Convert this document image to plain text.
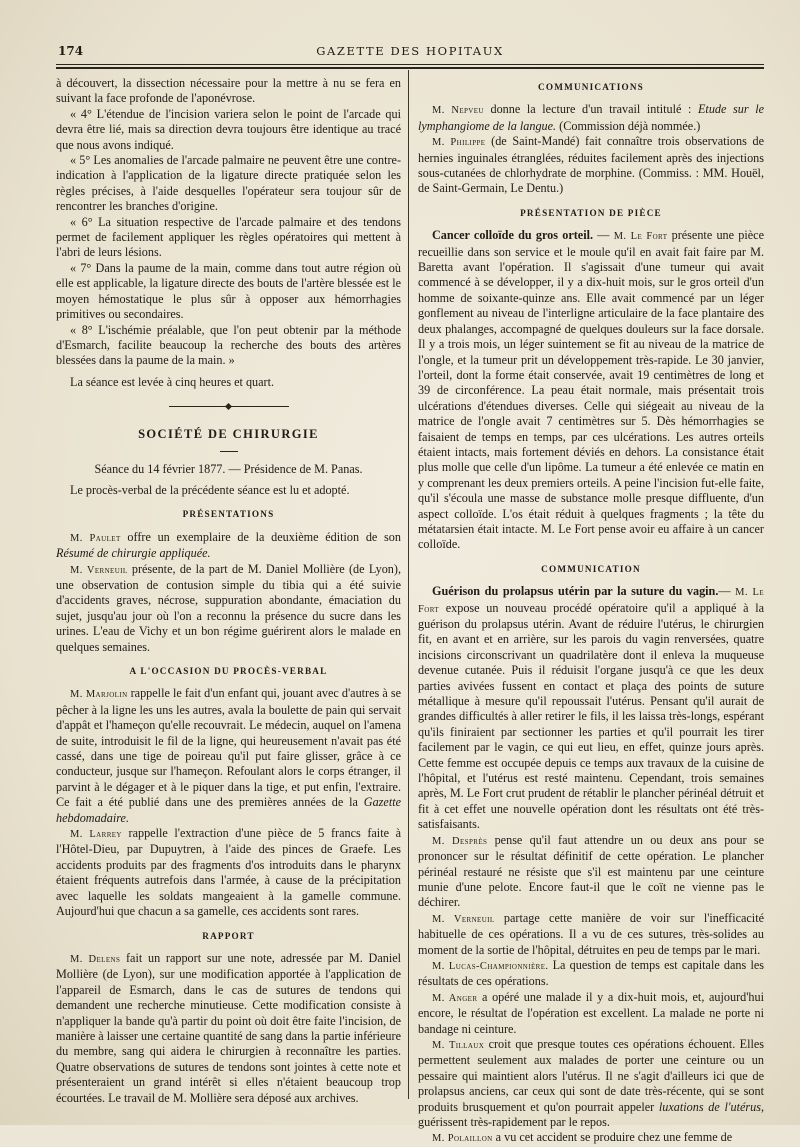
174	GAZETTE DES HOPITAUX

à découvert, la dissection nécessaire pour la mettre à nu se fera en suivant la face profonde de l'aponévrose.

« 4° L'étendue de l'incision variera selon le point de l'arcade qui devra être lié, mais sa direction devra toujours être identique au tracé que nous avons indiqué.

« 5° Les anomalies de l'arcade palmaire ne peuvent être une contre-indication à l'application de la ligature directe pratiquée selon les règles précises, à l'aide desquelles l'opérateur sera toujour sûr de rencontrer les branches d'origine.

« 6° La situation respective de l'arcade palmaire et des tendons permet de facilement appliquer les règles opératoires qui mettent à l'abri de leurs lésions.

« 7° Dans la paume de la main, comme dans tout autre région où elle est applicable, la ligature directe des bouts de l'artère blessée est le moyen hémostatique le plus sûr à opposer aux hémorrhagies primitives ou secondaires.

« 8° L'ischémie préalable, que l'on peut obtenir par la méthode d'Esmarch, facilite beaucoup la recherche des bouts des artères blessées dans la paume de la main. »

La séance est levée à cinq heures et quart.

SOCIÉTÉ DE CHIRURGIE

Séance du 14 février 1877. — Présidence de M. Panas.

Le procès-verbal de la précédente séance est lu et adopté.

PRÉSENTATIONS

M. Paulet offre un exemplaire de la deuxième édition de son Résumé de chirurgie appliquée.

M. Verneuil présente, de la part de M. Daniel Mollière (de Lyon), une observation de contusion simple du tibia qui a été suivie d'accidents graves, nécrose, suppuration abondante, émaciation du sujet, jusqu'au jour où l'on a reconnu la présence du sucre dans les urines. L'eau de Vichy et un bon régime guérirent alors le malade en quelques semaines.

A L'OCCASION DU PROCÈS-VERBAL

M. Marjolin rappelle le fait d'un enfant qui, jouant avec d'autres à se pêcher à la ligne les uns les autres, avala la boulette de pain qui servait d'appât et l'hameçon qu'elle recouvrait. Le médecin, auquel on l'amena de suite, introduisit le fil de la ligne, qui heureusement n'avait pas été cassé, dans une tige de poireau qu'il put faire glisser, grâce à ce conducteur, jusque sur l'hameçon. Refoulant alors le corps étranger, il parvint à le dégager et à le piquer dans la tige, et put enfin, l'extraire. Ce fait a été publié dans une des premières années de la Gazette hebdomadaire.

M. Larrey rappelle l'extraction d'une pièce de 5 francs faite à l'Hôtel-Dieu, par Dupuytren, à l'aide des pinces de Graefe. Les accidents produits par des fragments d'os introduits dans le pharynx étaient fréquents autrefois dans l'armée, à cause de la précipitation avec laquelle les soldats mangeaient à la gamelle commune. Aujourd'hui que chacun a sa gamelle, ces accidents sont rares.

RAPPORT

M. Delens fait un rapport sur une note, adressée par M. Daniel Mollière (de Lyon), sur une modification apportée à l'application de l'appareil de Esmarch, dans le cas de sutures de tendons qui demandent une recherche minutieuse. Cette modification consiste à n'appliquer la bande qu'à partir du point où doit être faite l'incision, de manière à laisser une certaine quantité de sang dans la partie inférieure du membre, sang qui aidera le chirurgien à reconnaître les parties. Quatre observations de sutures de tendons sont jointes à cette note et présenteraient un grand intérêt si elles n'étaient beaucoup trop écourtées. Le travail de M. Mollière sera déposé aux archives.

COMMUNICATIONS

M. Nepveu donne la lecture d'un travail intitulé : Etude sur le lymphangiome de la langue. (Commission déjà nommée.)

M. Philippe (de Saint-Mandé) fait connaître trois observations de hernies inguinales étranglées, réduites facilement après des injections sous-cutanées de chlorhydrate de morphine. (Commiss. : MM. Houël, de Saint-Germain, Le Dentu.)

PRÉSENTATION DE PIÈCE

Cancer colloïde du gros orteil. — M. Le Fort présente une pièce recueillie dans son service et le moule qu'il en avait fait faire par M. Baretta avant l'opération. Il s'agissait d'une tumeur qui avait commencé à se développer, il y a dix-huit mois, sur le gros orteil d'un homme de soixante-quinze ans. Elle avait commencé par un léger gonflement au niveau de l'interligne articulaire de la face plantaire des deux phalanges, accompagné de quelques douleurs sur la face dorsale. Il y a trois mois, un léger suintement se fit au niveau de la matrice de l'ongle, et la tumeur prit un développement très-rapide. Le 30 janvier, l'orteil, dont la forme était conservée, avait 19 centimètres de long et 39 de circonférence. La peau était normale, mais présentait trois ulcérations d'étendues diverses. Celle qui siégeait au niveau de la matrice de l'ongle avait 7 centimètres sur 5. Dès hémorrhagies se faisaient de temps en temps, par ces ulcérations. Les autres orteils étaient intacts, mais fortement déviés en dehors. La consistance était plus molle que celle d'un lipôme. La tumeur a été enlevée ce matin en y comprenant les deux premiers orteils. A peine l'incision fut-elle faite, qu'il s'écoula une masse de substance molle presque diffluente, d'un aspect colloïde. L'os était réduit à quelques fragments ; la tête du métatarsien était intacte. M. Le Fort pense avoir eu affaire à un cancer colloïde.

COMMUNICATION

Guérison du prolapsus utérin par la suture du vagin.— M. Le Fort expose un nouveau procédé opératoire qu'il a appliqué à la guérison du prolapsus utérin. Avant de réduire l'utérus, le chirurgien fit, en avant et en arrière, sur les parois du vagin renversées, quatre incisions circonscrivant un quadrilatère dont il enleva la muqueuse devenue cutanée. Puis il réduisit l'organe jusqu'à ce que les deux parties avivées fussent en contact et plaça des points de suture métallique à mesure qu'il repoussait l'utérus. Pensant qu'il aurait de grandes difficultés à aller retirer le fils, il les laissa très-longs, espérant qu'ils finiraient par sectionner les parties et qu'il pourrait les tirer facilement par le vagin, ce qui eut lieu, en effet, quinze jours après. Cette femme est occupée depuis ce temps aux travaux de la cuisine de l'hôpital, et l'utérus est resté maintenu. Cependant, trois semaines après, M. Le Fort crut prudent de rétablir le plancher périnéal détruit et fit à cet effet une nouvelle opération dont les résultats ont été très-satisfaisants.

M. Desprès pense qu'il faut attendre un ou deux ans pour se prononcer sur le résultat définitif de cette opération. Le plancher périnéal restauré ne résiste que s'il est maintenu par une ceinture munie d'une pelote. Encore faut-il que le coït ne vienne pas le déchirer.

M. Verneuil partage cette manière de voir sur l'inefficacité habituelle de ces opérations. Il a vu de ces sutures, très-solides au moment de la sortie de l'hôpital, détruites en peu de temps par le mari.

M. Lucas-Championnière. La question de temps est capitale dans les résultats de ces opérations.

M. Anger a opéré une malade il y a dix-huit mois, et, aujourd'hui encore, le résultat de l'opération est excellent. La malade ne porte ni bandage ni ceinture.

M. Tillaux croit que presque toutes ces opérations échouent. Elles permettent seulement aux malades de porter une ceinture ou un pessaire qui maintient alors l'utérus. Il ne s'agit d'ailleurs ici que de prolapsus anciens, car ceux qui sont de date très-récente, qui se sont produits brusquement et qu'on pourrait appeler luxations de l'utérus, guérissent très-rapidement par le repos.

M. Polaillon a vu cet accident se produire chez une femme de
